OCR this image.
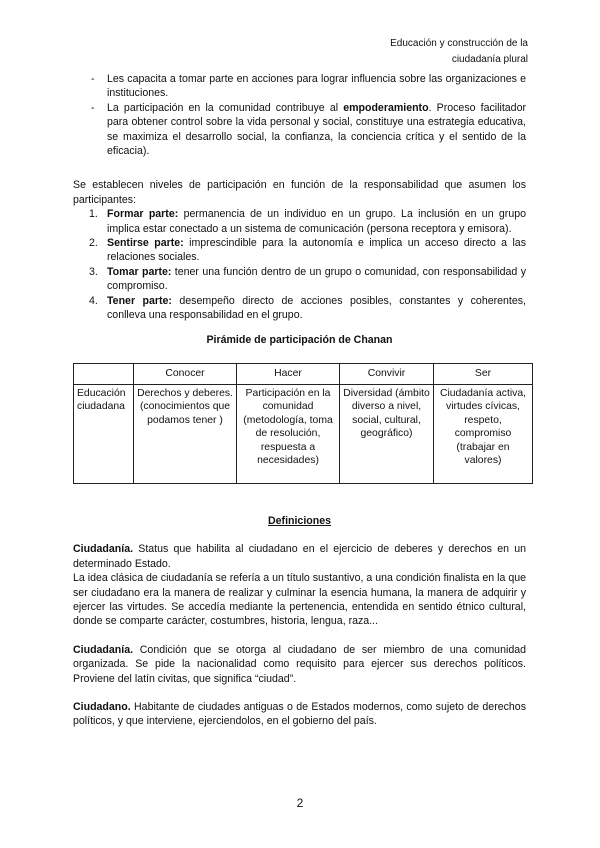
Educación y construcción de la
ciudadanía plural
- Les capacita a tomar parte en acciones para lograr influencia sobre las organizaciones e instituciones.
- La participación en la comunidad contribuye al empoderamiento. Proceso facilitador para obtener control sobre la vida personal y social, constituye una estrategia educativa, se maximiza el desarrollo social, la confianza, la conciencia crítica y el sentido de la eficacia).
Se establecen niveles de participación en función de la responsabilidad que asumen los participantes:
1. Formar parte: permanencia de un individuo en un grupo. La inclusión en un grupo implica estar conectado a un sistema de comunicación (persona receptora y emisora).
2. Sentirse parte: imprescindible para la autonomía e implica un acceso directo a las relaciones sociales.
3. Tomar parte: tener una función dentro de un grupo o comunidad, con responsabilidad y compromiso.
4. Tener parte: desempeño directo de acciones posibles, constantes y coherentes, conlleva una responsabilidad en el grupo.
Pirámide de participación de Chanan
	Conocer	Hacer	Convivir	Ser
Educación ciudadana	Derechos y deberes. (conocimientos que podamos tener )	Participación en la comunidad (metodología, toma de resolución, respuesta a necesidades)	Diversidad (ámbito diverso a nivel, social, cultural, geográfico)	Ciudadanía activa, virtudes cívicas, respeto, compromiso (trabajar en valores)
Definiciones
Ciudadanía. Status que habilita al ciudadano en el ejercicio de deberes y derechos en un determinado Estado.
La idea clásica de ciudadanía se refería a un título sustantivo, a una condición finalista en la que ser ciudadano era la manera de realizar y culminar la esencia humana, la manera de adquirir y ejercer las virtudes. Se accedía mediante la pertenencia, entendida en sentido étnico cultural, donde se comparte carácter, costumbres, historia, lengua, raza...
Ciudadanía. Condición que se otorga al ciudadano de ser miembro de una comunidad organizada. Se pide la nacionalidad como requisito para ejercer sus derechos políticos. Proviene del latín civitas, que significa “ciudad”.
Ciudadano. Habitante de ciudades antiguas o de Estados modernos, como sujeto de derechos políticos, y que interviene, ejerciendolos, en el gobierno del país.
2
